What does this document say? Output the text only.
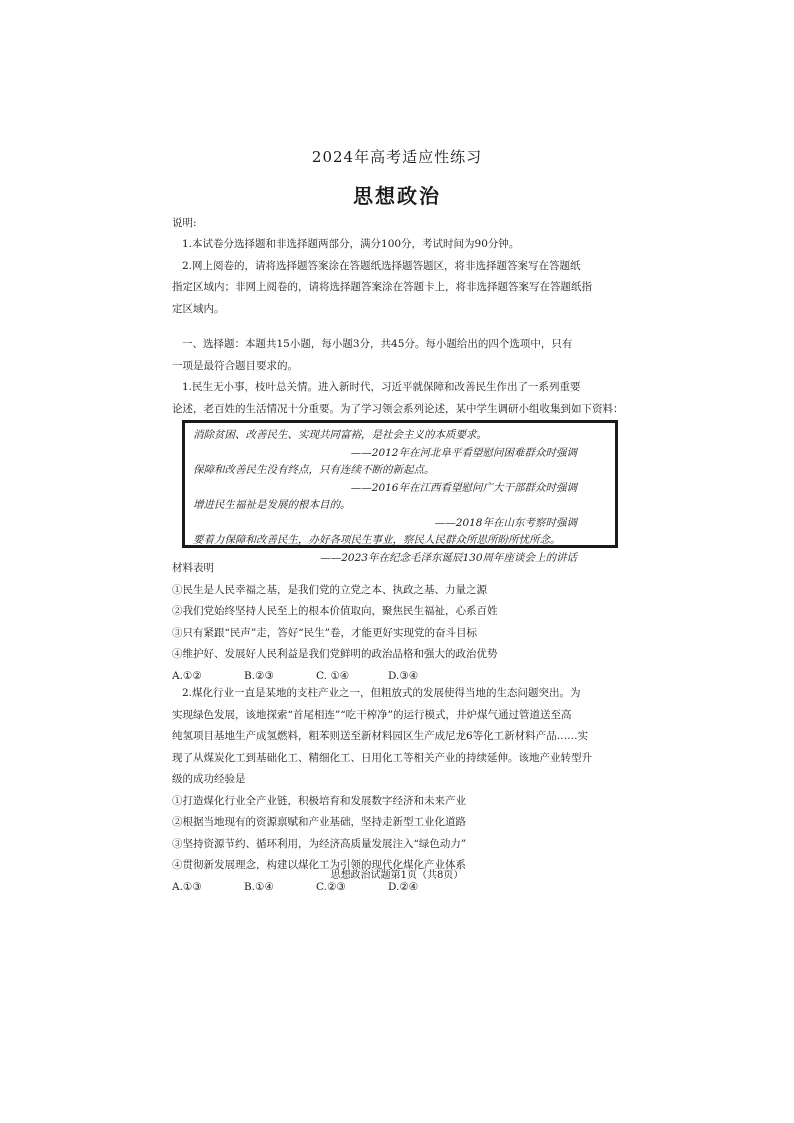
2024年高考适应性练习
思想政治
说明:
1.本试卷分选择题和非选择题两部分，满分100分，考试时间为90分钟。
2.网上阅卷的，请将选择题答案涂在答题纸选择题答题区，将非选择题答案写在答题纸
指定区域内；非网上阅卷的，请将选择题答案涂在答题卡上，将非选择题答案写在答题纸指
定区域内。
一、选择题：本题共15小题，每小题3分，共45分。每小题给出的四个选项中，只有
一项是最符合题目要求的。
1.民生无小事，枝叶总关情。进入新时代，习近平就保障和改善民生作出了一系列重要
论述，老百姓的生活情况十分重要。为了学习领会系列论述，某中学生调研小组收集到如下资料：
消除贫困、改善民生、实现共同富裕，是社会主义的本质要求。
——2012年在河北阜平看望慰问困难群众时强调
保障和改善民生没有终点，只有连续不断的新起点。
——2016年在江西看望慰问广大干部群众时强调
增进民生福祉是发展的根本目的。
——2018年在山东考察时强调
要着力保障和改善民生，办好各项民生事业，察民人民群众所思所盼所忧所念。
——2023年在纪念毛泽东诞辰130周年座谈会上的讲话
材料表明
①民生是人民幸福之基，是我们党的立党之本、执政之基、力量之源
②我们党始终坚持人民至上的根本价值取向，聚焦民生福祉，心系百姓
③只有紧跟“民声”走，答好“民生”卷，才能更好实现党的奋斗目标
④维护好、发展好人民利益是我们党鲜明的政治品格和强大的政治优势
A.①②	B.②③	C. ①④	D.③④
2.煤化行业一直是某地的支柱产业之一，但粗放式的发展使得当地的生态问题突出。为
实现绿色发展，该地探索“首尾相连”“吃干榨净”的运行模式，井炉煤气通过管道送至高
纯氢项目基地生产成氢燃料，粗苯则送至新材料园区生产成尼龙6等化工新材料产品……实
现了从煤炭化工到基础化工、精细化工、日用化工等相关产业的持续延伸。该地产业转型升
级的成功经验是
①打造煤化行业全产业链，积极培育和发展数字经济和未来产业
②根据当地现有的资源禀赋和产业基础，坚持走新型工业化道路
③坚持资源节约、循环利用，为经济高质量发展注入“绿色动力”
④贯彻新发展理念，构建以煤化工为引领的现代化煤化产业体系
A.①③	B.①④	C.②③	D.②④
思想政治试题第1页（共8页）
